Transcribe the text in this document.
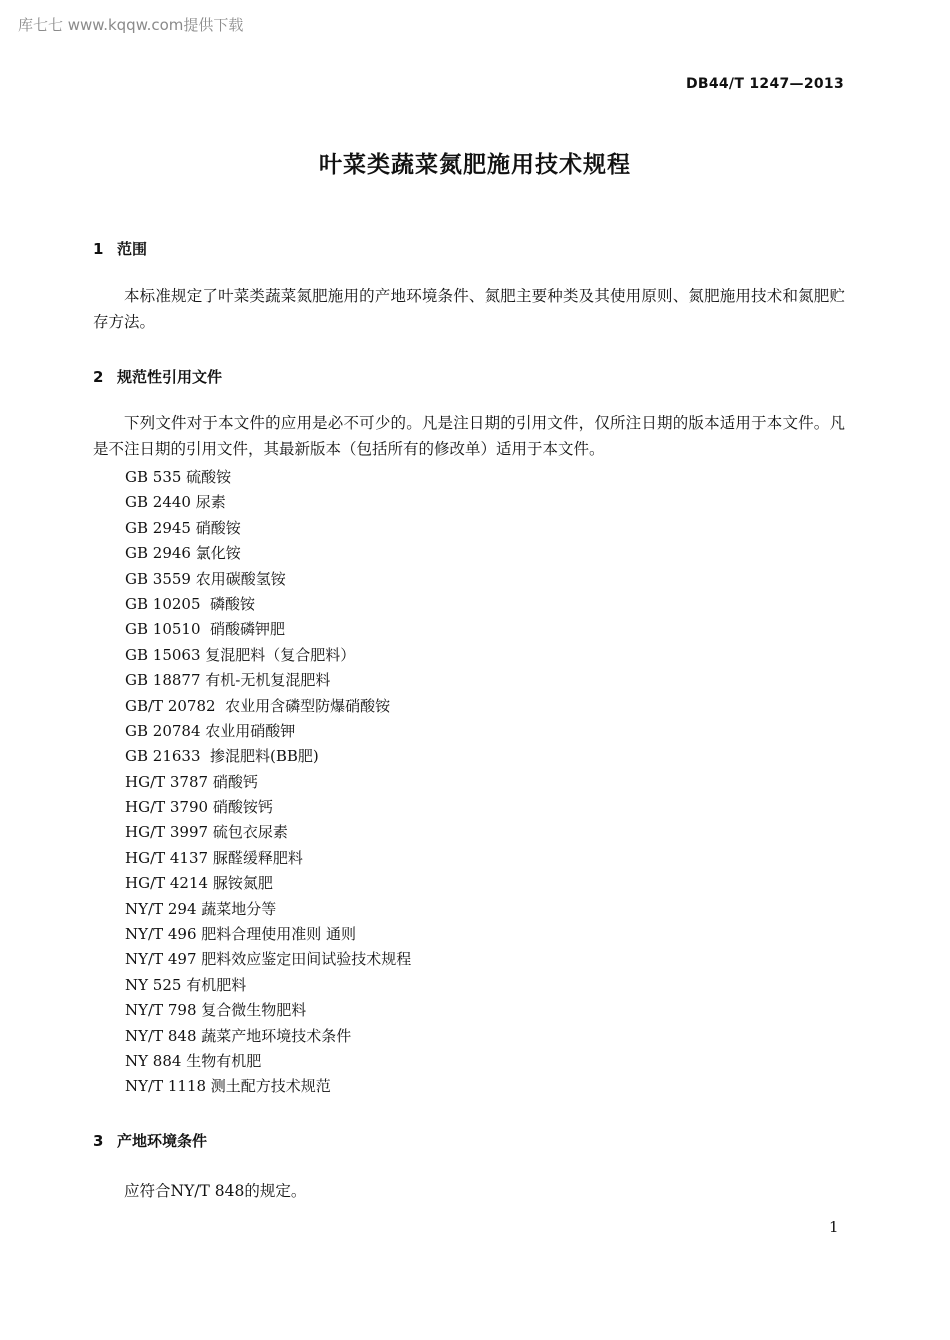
库七七 www.kqqw.com提供下载
DB44/T 1247—2013
叶菜类蔬菜氮肥施用技术规程
1 范围
本标准规定了叶菜类蔬菜氮肥施用的产地环境条件、氮肥主要种类及其使用原则、氮肥施用技术和氮肥贮存方法。
2 规范性引用文件
下列文件对于本文件的应用是必不可少的。凡是注日期的引用文件，仅所注日期的版本适用于本文件。凡是不注日期的引用文件，其最新版本（包括所有的修改单）适用于本文件。
GB 535 硫酸铵
GB 2440 尿素
GB 2945 硝酸铵
GB 2946 氯化铵
GB 3559 农用碳酸氢铵
GB 10205  磷酸铵
GB 10510  硝酸磷钾肥
GB 15063 复混肥料（复合肥料）
GB 18877 有机-无机复混肥料
GB/T 20782  农业用含磷型防爆硝酸铵
GB 20784 农业用硝酸钾
GB 21633  掺混肥料(BB肥)
HG/T 3787 硝酸钙
HG/T 3790 硝酸铵钙
HG/T 3997 硫包衣尿素
HG/T 4137 脲醛缓释肥料
HG/T 4214 脲铵氮肥
NY/T 294 蔬菜地分等
NY/T 496 肥料合理使用准则 通则
NY/T 497 肥料效应鉴定田间试验技术规程
NY 525 有机肥料
NY/T 798 复合微生物肥料
NY/T 848 蔬菜产地环境技术条件
NY 884 生物有机肥
NY/T 1118 测土配方技术规范
3 产地环境条件
应符合NY/T 848的规定。
1
